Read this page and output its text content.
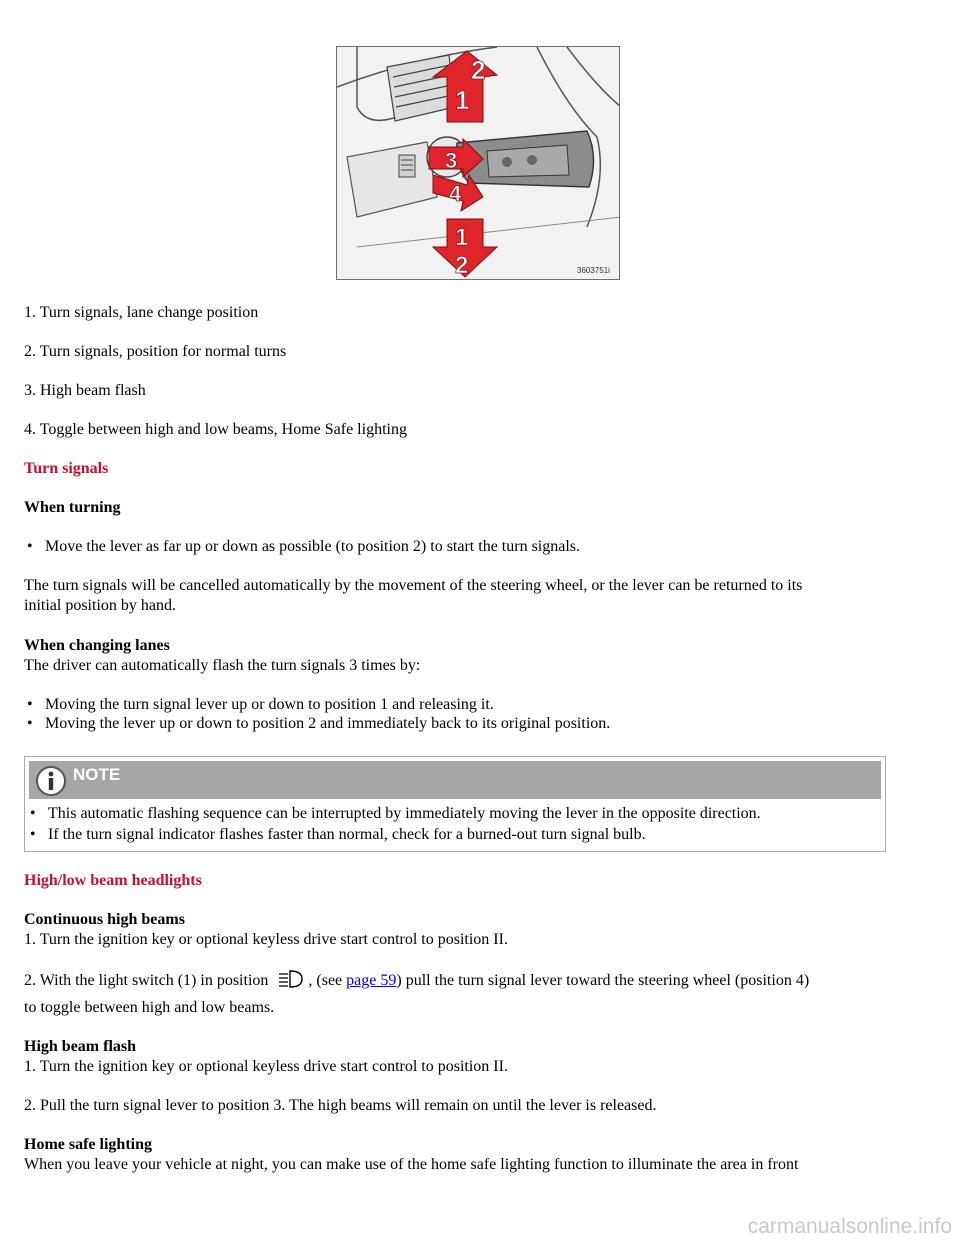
2
1
3
4
1
2	3603751i

1. Turn signals, lane change position

2. Turn signals, position for normal turns

3. High beam flash

4. Toggle between high and low beams, Home Safe lighting

Turn signals

When turning

• Move the lever as far up or down as possible (to position 2) to start the turn signals.

The turn signals will be cancelled automatically by the movement of the steering wheel, or the lever can be returned to its

initial position by hand.

When changing lanes

The driver can automatically flash the turn signals 3 times by:

• Moving the turn signal lever up or down to position 1 and releasing it.
• Moving the lever up or down to position 2 and immediately back to its original position.
NOTE
• This automatic flashing sequence can be interrupted by immediately moving the lever in the opposite direction.
• If the turn signal indicator flashes faster than normal, check for a burned-out turn signal bulb.

High/low beam headlights

Continuous high beams

1. Turn the ignition key or optional keyless drive start control to position II.

2. With the light switch (1) in position	, (see page 59) pull the turn signal lever toward the steering wheel (position 4)

to toggle between high and low beams.

High beam flash

1. Turn the ignition key or optional keyless drive start control to position II.

2. Pull the turn signal lever to position 3. The high beams will remain on until the lever is released.

Home safe lighting

When you leave your vehicle at night, you can make use of the home safe lighting function to illuminate the area in front

carmanualsonline.info
